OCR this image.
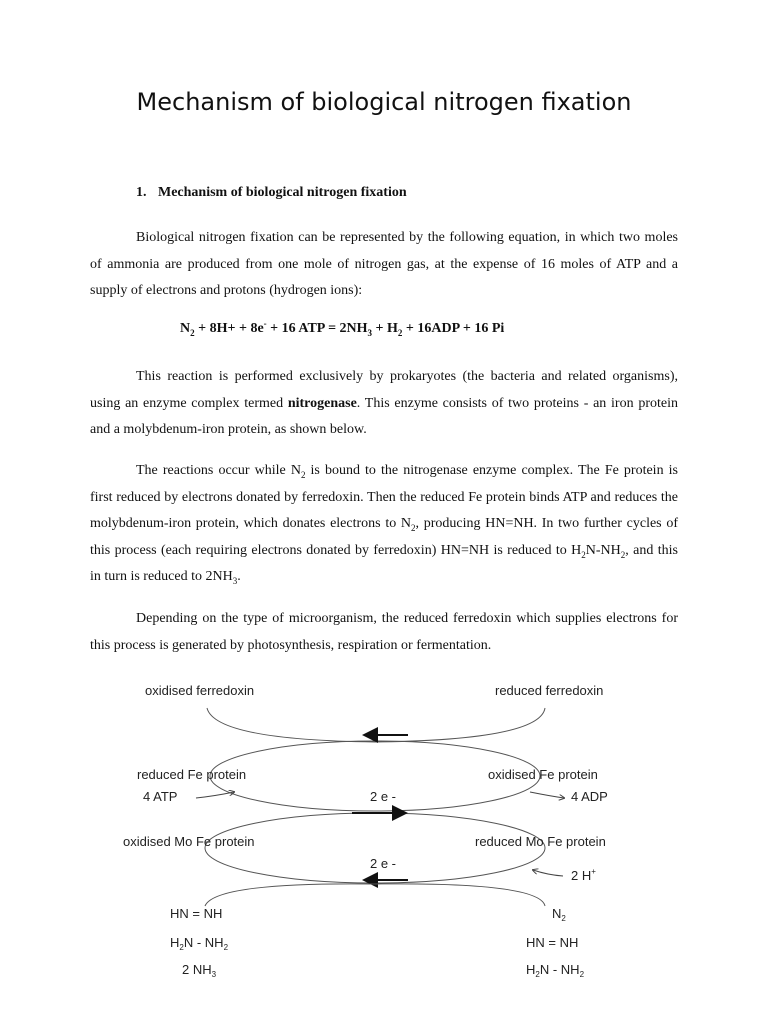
Mechanism of biological nitrogen fixation

1. Mechanism of biological nitrogen fixation

Biological nitrogen fixation can be represented by the following equation, in which two moles of ammonia are produced from one mole of nitrogen gas, at the expense of 16 moles of ATP and a supply of electrons and protons (hydrogen ions):

$N_2 + 8H+ + 8e^- + 16$ ATP = $2NH_3 + H_2 + 16ADP + 16$ Pi

This reaction is performed exclusively by prokaryotes (the bacteria and related organisms), using an enzyme complex termed nitrogenase. This enzyme consists of two proteins - an iron protein and a molybdenum-iron protein, as shown below.

The reactions occur while $N_2$ is bound to the nitrogenase enzyme complex. The Fe protein is first reduced by electrons donated by ferredoxin. Then the reduced Fe protein binds ATP and reduces the molybdenum-iron protein, which donates electrons to $N_2$, producing HN=NH. In two further cycles of this process (each requiring electrons donated by ferredoxin) HN=NH is reduced to $H_2N-NH_2$, and this in turn is reduced to $2NH_3$.

Depending on the type of microorganism, the reduced ferredoxin which supplies electrons for this process is generated by photosynthesis, respiration or fermentation.

oxidised ferredoxin	reduced ferredoxin
reduced Fe protein	oxidised Fe protein
4 ATP	4 ADP
2 e -
oxidised Mo Fe protein	reduced Mo Fe protein
2 e -
2 H+
HN = NH
$H_2N - NH_2$
2 $NH_3$
$N_2$
HN = NH
$H_2N - NH_2$
